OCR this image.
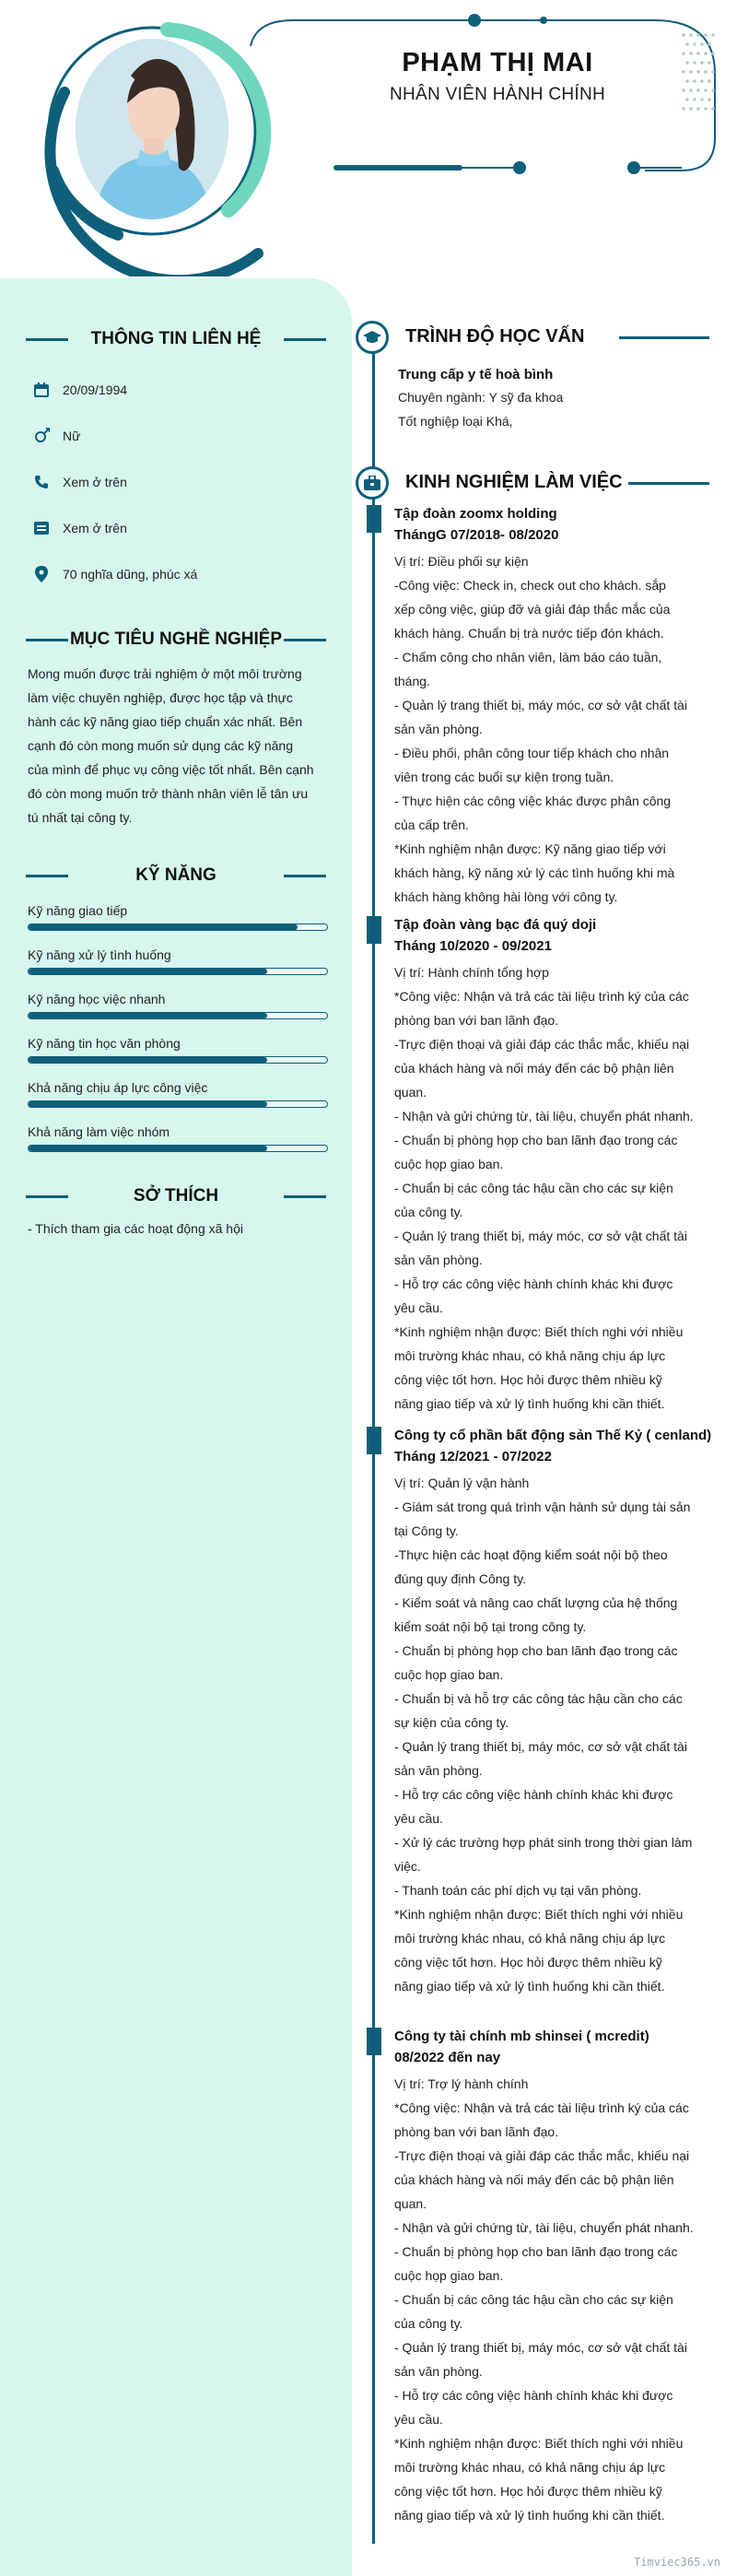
PHẠM THỊ MAI
NHÂN VIÊN HÀNH CHÍNH
THÔNG TIN LIÊN HỆ
20/09/1994
Nữ
Xem ở trên
Xem ở trên
70 nghĩa dũng, phúc xá
MỤC TIÊU NGHỀ NGHIỆP
Mong muốn được trải nghiệm ở một môi trường
làm việc chuyên nghiệp, được học tập và thực
hành các kỹ năng giao tiếp chuẩn xác nhất. Bên
cạnh đó còn mong muốn sử dụng các kỹ năng
của mình để phục vụ công việc tốt nhất. Bên cạnh
đó còn mong muốn trở thành nhân viên lễ tân ưu
tú nhất tại công ty.
KỸ NĂNG
Kỹ năng giao tiếp
Kỹ năng xử lý tình huống
Kỹ năng học việc nhanh
Kỹ năng tin học văn phòng
Khả năng chịu áp lực công việc
Khả năng làm việc nhóm
SỞ THÍCH
- Thích tham gia các hoạt động xã hội
TRÌNH ĐỘ HỌC VẤN
Trung cấp y tế hoà bình
Chuyên ngành: Y sỹ đa khoa
Tốt nghiệp loại Khá,
KINH NGHIỆM LÀM VIỆC
Tập đoàn zoomx holding
ThángG 07/2018- 08/2020
Vị trí: Điều phối sự kiện
-Công việc: Check in, check out cho khách. sắp
xếp công việc, giúp đỡ và giải đáp thắc mắc của
khách hàng. Chuẩn bị trà nước tiếp đón khách.
- Chấm công cho nhân viên, làm báo cáo tuần,
tháng.
- Quản lý trang thiết bị, máy móc, cơ sở vật chất tài
sản văn phòng.
- Điều phối, phân công tour tiếp khách cho nhân
viên trong các buổi sự kiện trong tuần.
- Thực hiện các công việc khác được phân công
của cấp trên.
*Kinh nghiệm nhận được: Kỹ năng giao tiếp với
khách hàng, kỹ năng xử lý các tình huống khi mà
khách hàng không hài lòng với công ty.
Tập đoàn vàng bạc đá quý doji
Tháng 10/2020 - 09/2021
Vị trí: Hành chính tổng hợp
*Công việc: Nhận và trả các tài liệu trình ký của các
phòng ban với ban lãnh đạo.
-Trực điện thoại và giải đáp các thắc mắc, khiếu nại
của khách hàng và nối máy đến các bộ phận liên
quan.
- Nhận và gửi chứng từ, tài liệu, chuyển phát nhanh.
- Chuẩn bị phòng họp cho ban lãnh đạo trong các
cuộc họp giao ban.
- Chuẩn bị các công tác hậu cần cho các sự kiện
của công ty.
- Quản lý trang thiết bị, máy móc, cơ sở vật chất tài
sản văn phòng.
- Hỗ trợ các công việc hành chính khác khi được
yêu cầu.
*Kinh nghiệm nhận được: Biết thích nghi với nhiều
môi trường khác nhau, có khả năng chịu áp lực
công việc tốt hơn. Học hỏi được thêm nhiều kỹ
năng giao tiếp và xử lý tình huống khi cần thiết.
Công ty cổ phần bất động sản Thế Kỷ ( cenland)
Tháng 12/2021 - 07/2022
Vị trí: Quản lý vận hành
- Giám sát trong quá trình vận hành sử dụng tài sản
tại Công ty.
-Thực hiện các hoạt động kiểm soát nội bộ theo
đúng quy định Công ty.
- Kiểm soát và nâng cao chất lượng của hệ thống
kiểm soát nội bộ tại trong công ty.
- Chuẩn bị phòng họp cho ban lãnh đạo trong các
cuộc họp giao ban.
- Chuẩn bị và hỗ trợ các công tác hậu cần cho các
sự kiện của công ty.
- Quản lý trang thiết bị, máy móc, cơ sở vật chất tài
sản văn phòng.
- Hỗ trợ các công việc hành chính khác khi được
yêu cầu.
- Xử lý các trường hợp phát sinh trong thời gian làm
việc.
- Thanh toán các phí dịch vụ tại văn phòng.
*Kinh nghiệm nhận được: Biết thích nghi với nhiều
môi trường khác nhau, có khả năng chịu áp lực
công việc tốt hơn. Học hỏi được thêm nhiều kỹ
năng giao tiếp và xử lý tình huống khi cần thiết.
Công ty tài chính mb shinsei ( mcredit)
08/2022 đến nay
Vị trí: Trợ lý hành chính
*Công việc: Nhận và trả các tài liệu trình ký của các
phòng ban với ban lãnh đạo.
-Trực điện thoại và giải đáp các thắc mắc, khiếu nại
của khách hàng và nối máy đến các bộ phận liên
quan.
- Nhận và gửi chứng từ, tài liệu, chuyển phát nhanh.
- Chuẩn bị phòng họp cho ban lãnh đạo trong các
cuộc họp giao ban.
- Chuẩn bị các công tác hậu cần cho các sự kiện
của công ty.
- Quản lý trang thiết bị, máy móc, cơ sở vật chất tài
sản văn phòng.
- Hỗ trợ các công việc hành chính khác khi được
yêu cầu.
*Kinh nghiệm nhận được: Biết thích nghi với nhiều
môi trường khác nhau, có khả năng chịu áp lực
công việc tốt hơn. Học hỏi được thêm nhiều kỹ
năng giao tiếp và xử lý tình huống khi cần thiết.
Timviec365.vn
